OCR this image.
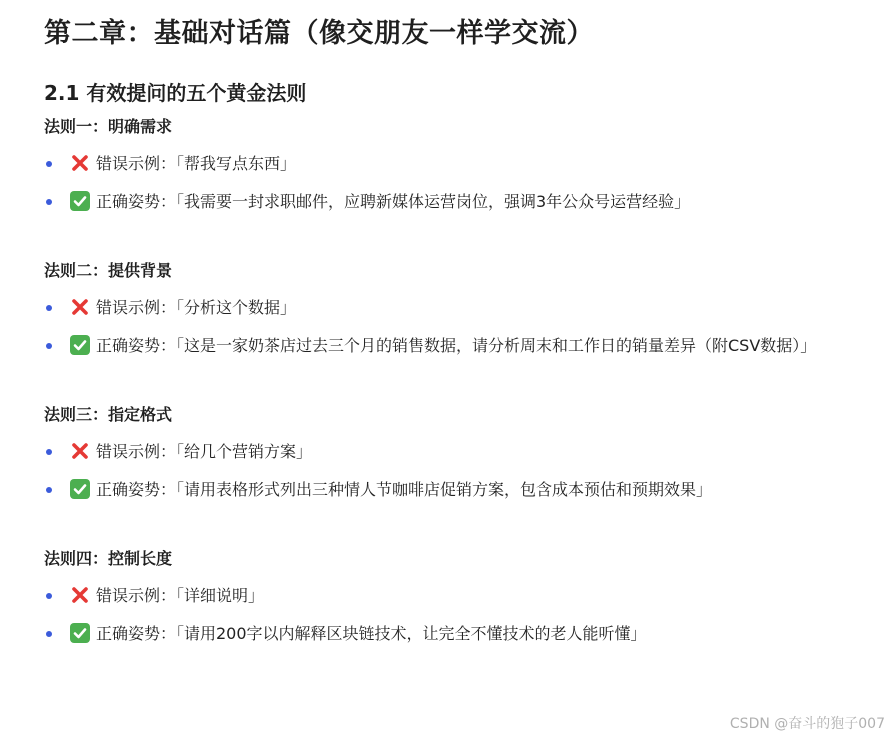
第二章：基础对话篇（像交朋友一样学交流）
2.1 有效提问的五个黄金法则

法则一：明确需求

错误示例：「帮我写点东西」
正确姿势：「我需要一封求职邮件，应聘新媒体运营岗位，强调3年公众号运营经验」

法则二：提供背景

错误示例：「分析这个数据」
正确姿势：「这是一家奶茶店过去三个月的销售数据，请分析周末和工作日的销量差异（附CSV数据）」

法则三：指定格式

错误示例：「给几个营销方案」
正确姿势：「请用表格形式列出三种情人节咖啡店促销方案，包含成本预估和预期效果」

法则四：控制长度

错误示例：「详细说明」
正确姿势：「请用200字以内解释区块链技术，让完全不懂技术的老人能听懂」
CSDN @奋斗的狍子007
